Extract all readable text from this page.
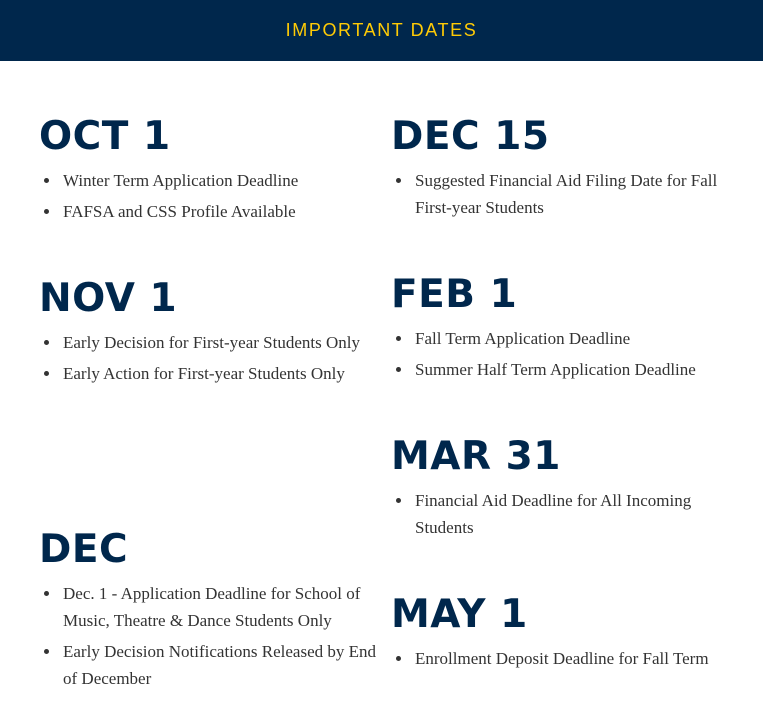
IMPORTANT DATES
OCT 1
Winter Term Application Deadline
FAFSA and CSS Profile Available
NOV 1
Early Decision for First-year Students Only
Early Action for First-year Students Only
DEC
Dec. 1 - Application Deadline for School of Music, Theatre & Dance Students Only
Early Decision Notifications Released by End of December
DEC 15
Suggested Financial Aid Filing Date for Fall First-year Students
FEB 1
Fall Term Application Deadline
Summer Half Term Application Deadline
MAR 31
Financial Aid Deadline for All Incoming Students
MAY 1
Enrollment Deposit Deadline for Fall Term
